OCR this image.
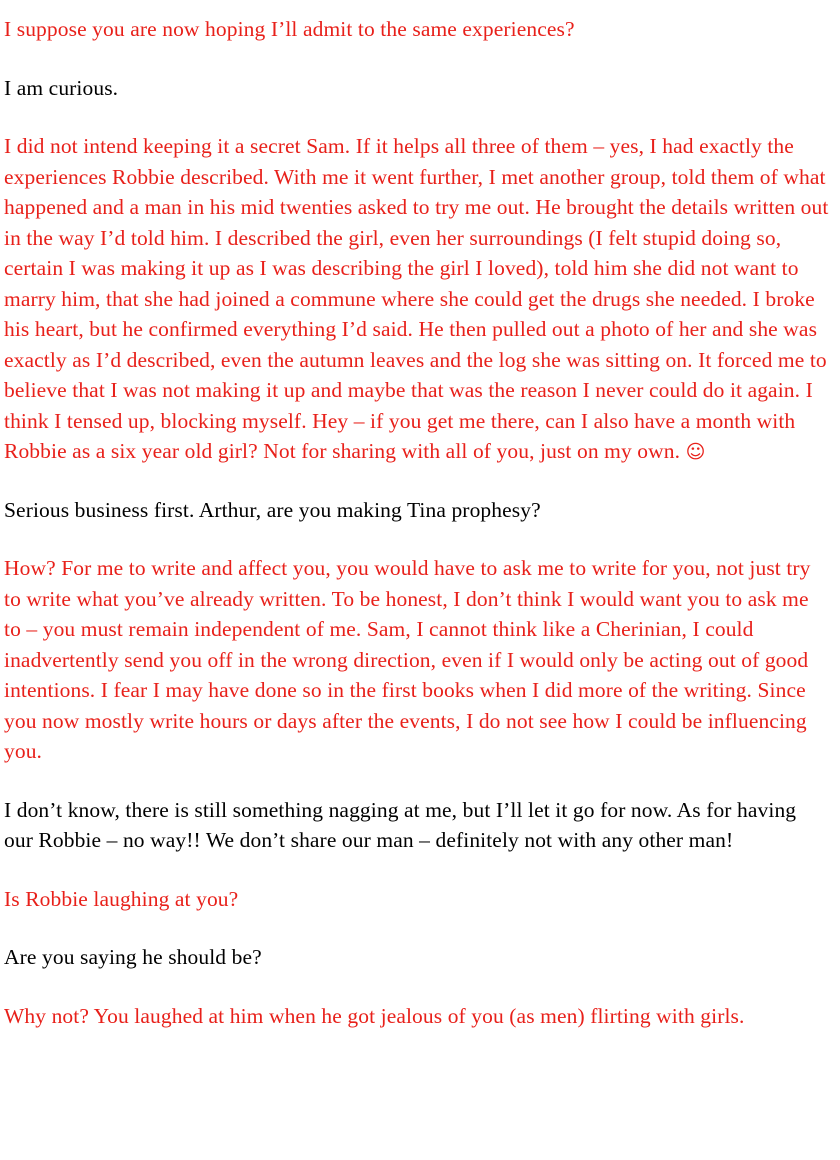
I suppose you are now hoping I’ll admit to the same experiences?

I am curious.

I did not intend keeping it a secret Sam. If it helps all three of them – yes, I had exactly the experiences Robbie described. With me it went further, I met another group, told them of what happened and a man in his mid twenties asked to try me out. He brought the details written out in the way I’d told him. I described the girl, even her surroundings (I felt stupid doing so, certain I was making it up as I was describing the girl I loved), told him she did not want to marry him, that she had joined a commune where she could get the drugs she needed. I broke his heart, but he confirmed everything I’d said. He then pulled out a photo of her and she was exactly as I’d described, even the autumn leaves and the log she was sitting on. It forced me to believe that I was not making it up and maybe that was the reason I never could do it again. I think I tensed up, blocking myself. Hey – if you get me there, can I also have a month with Robbie as a six year old girl? Not for sharing with all of you, just on my own. ☺

Serious business first. Arthur, are you making Tina prophesy?

How? For me to write and affect you, you would have to ask me to write for you, not just try to write what you’ve already written. To be honest, I don’t think I would want you to ask me to – you must remain independent of me. Sam, I cannot think like a Cherinian, I could inadvertently send you off in the wrong direction, even if I would only be acting out of good intentions. I fear I may have done so in the first books when I did more of the writing. Since you now mostly write hours or days after the events, I do not see how I could be influencing you.

I don’t know, there is still something nagging at me, but I’ll let it go for now. As for having our Robbie – no way!! We don’t share our man – definitely not with any other man!

Is Robbie laughing at you?

Are you saying he should be?

Why not? You laughed at him when he got jealous of you (as men) flirting with girls.
